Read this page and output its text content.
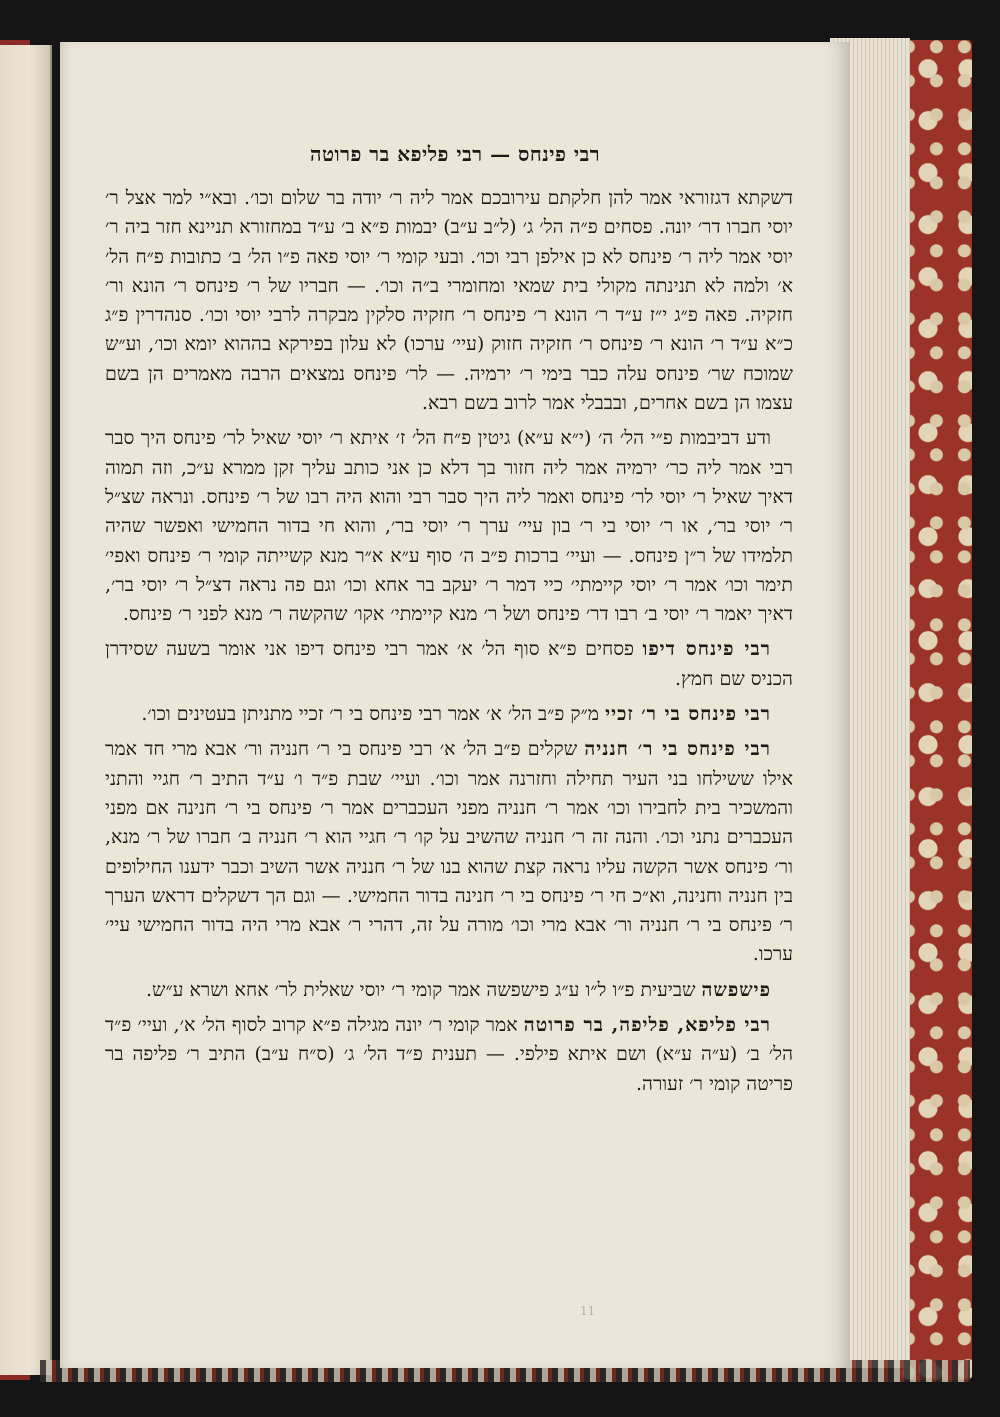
רבי פינחס — רבי פליפא בר פרוטה

דשקתא דגזוראי אמר להן חלקתם עירובכם אמר ליה ר׳ יודה בר שלום וכו׳. ובא״י למר אצל ר׳ יוסי חברו דר׳ יונה. פסחים פ״ה הל׳ ג׳ (ל״ב ע״ב) יבמות פ״א ב׳ ע״ד במחזורא תניינא חזר ביה ר׳ יוסי אמר ליה ר׳ פינחס לא כן אילפן רבי וכו׳. ובעי קומי ר׳ יוסי פאה פ״ו הל׳ ב׳ כתובות פ״ח הל׳ א׳ ולמה לא תנינתה מקולי בית שמאי ומחומרי ב״ה וכו׳. — חבריו של ר׳ פינחס ר׳ הונא ור׳ חזקיה. פאה פ״ג י״ז ע״ד ר׳ הונא ר׳ פינחס ר׳ חזקיה סלקין מבקרה לרבי יוסי וכו׳. סנהדרין פ״ג כ״א ע״ד ר׳ הונא ר׳ פינחס ר׳ חזקיה חזוק (עיי׳ ערכו) לא עלון בפירקא בההוא יומא וכו׳, וע״ש שמוכח שר׳ פינחס עלה כבר בימי ר׳ ירמיה. — לר׳ פינחס נמצאים הרבה מאמרים הן בשם עצמו הן בשם אחרים, ובבבלי אמר לרוב בשם רבא.

ודע דביבמות פ״י הל׳ ה׳ (י״א ע״א) גיטין פ״ח הל׳ ז׳ איתא ר׳ יוסי שאיל לר׳ פינחס היך סבר רבי אמר ליה כר׳ ירמיה אמר ליה חזור בך דלא כן אני כותב עליך זקן ממרא ע״כ, וזה תמוה דאיך שאיל ר׳ יוסי לר׳ פינחס ואמר ליה היך סבר רבי והוא היה רבו של ר׳ פינחס. ונראה שצ״ל ר׳ יוסי בר׳, או ר׳ יוסי בי ר׳ בון עיי׳ ערך ר׳ יוסי בר׳, והוא חי בדור החמישי ואפשר שהיה תלמידו של ר״ן פינחס. — ועיי׳ ברכות פ״ב ה׳ סוף ע״א א״ר מנא קשייתה קומי ר׳ פינחס ואפי׳ תימר וכו׳ אמר ר׳ יוסי קיימתי׳ כיי דמר ר׳ יעקב בר אחא וכו׳ וגם פה נראה דצ״ל ר׳ יוסי בר׳, דאיך יאמר ר׳ יוסי ב׳ רבו דר׳ פינחס ושל ר׳ מנא קיימתי׳ אקו׳ שהקשה ר׳ מנא לפני ר׳ פינחס.

רבי פינחס דיפו פסחים פ״א סוף הל׳ א׳ אמר רבי פינחס דיפו אני אומר בשעה שסידרן הכניס שם חמץ.

רבי פינחס בי ר׳ זכיי מ״ק פ״ב הל׳ א׳ אמר רבי פינחס בי ר׳ זכיי מתניתן בעטינים וכו׳.

רבי פינחס בי ר׳ חנניה שקלים פ״ב הל׳ א׳ רבי פינחס בי ר׳ חנניה ור׳ אבא מרי חד אמר אילו ששילחו בני העיר תחילה וחזרנה אמר וכו׳. ועיי׳ שבת פ״ד ו׳ ע״ד התיב ר׳ חגיי והתני והמשכיר בית לחבירו וכו׳ אמר ר׳ חנניה מפני העכברים אמר ר׳ פינחס בי ר׳ חנינה אם מפני העכברים נתני וכו׳. והנה זה ר׳ חנניה שהשיב על קו׳ ר׳ חגיי הוא ר׳ חנניה ב׳ חברו של ר׳ מנא, ור׳ פינחס אשר הקשה עליו נראה קצת שהוא בנו של ר׳ חנניה אשר השיב וכבר ידענו החילופים בין חנניה וחנינה, וא״כ חי ר׳ פינחס בי ר׳ חנינה בדור החמישי. — וגם הך דשקלים דראש הערך ר׳ פינחס בי ר׳ חנניה ור׳ אבא מרי וכו׳ מורה על זה, דהרי ר׳ אבא מרי היה בדור החמישי עיי׳ ערכו.

פישפשה שביעית פ״ו ל״ו ע״ג פישפשה אמר קומי ר׳ יוסי שאלית לר׳ אחא ושרא ע״ש.

רבי פליפא, פליפה, בר פרוטה אמר קומי ר׳ יונה מגילה פ״א קרוב לסוף הל׳ א׳, ועיי׳ פ״ד הל׳ ב׳ (ע״ה ע״א) ושם איתא פילפי. — תענית פ״ד הל׳ ג׳ (ס״ח ע״ב) התיב ר׳ פליפה בר פריטה קומי ר׳ זעורה.

11
